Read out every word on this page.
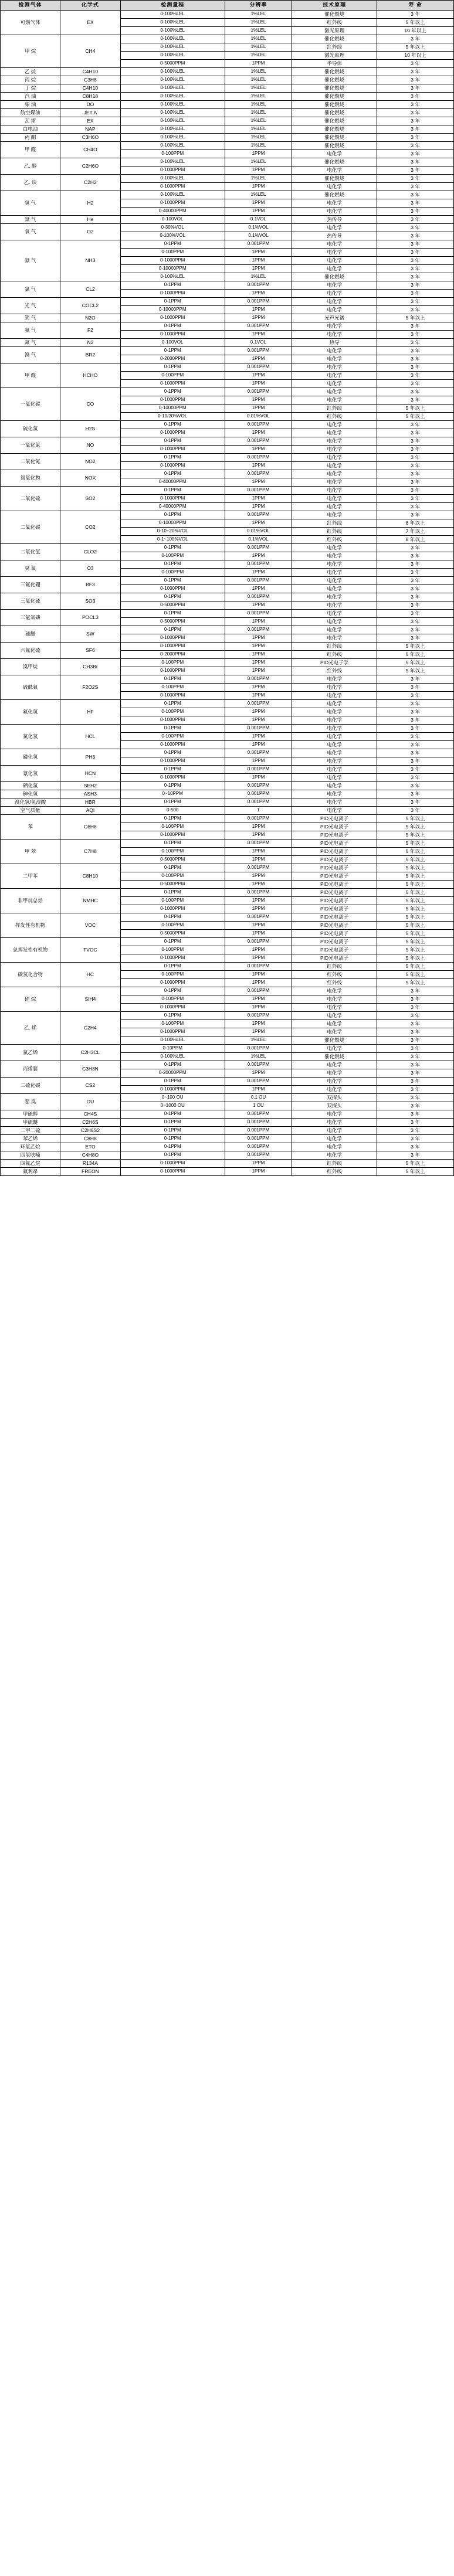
检测气体	化学式	检测量程	分辨率	技术原理	寿 命
可燃气体	EX	0-100%LEL	1%LEL	催化燃烧	3 年
		0-100%LEL	1%LEL	红外线	5 年以上
		0-100%LEL	1%LEL	激光原理	10 年以上
甲 烷	CH4	0-100%LEL	1%LEL	催化燃烧	3 年
		0-100%LEL	1%LEL	红外线	5 年以上
		0-100%LEL	1%LEL	激光原理	10 年以上
		0-5000PPM	1PPM	半导体	3 年
乙 烷	C4H10	0-100%LEL	1%LEL	催化燃烧	3 年
丙 烷	C3H8	0-100%LEL	1%LEL	催化燃烧	3 年
丁 烷	C4H10	0-100%LEL	1%LEL	催化燃烧	3 年
汽 油	C8H18	0-100%LEL	1%LEL	催化燃烧	3 年
柴 油	DO	0-100%LEL	1%LEL	催化燃烧	3 年
航空煤油	JET A	0-100%LEL	1%LEL	催化燃烧	3 年
瓦 斯	EX	0-100%LEL	1%LEL	催化燃烧	3 年
白电油	NAP	0-100%LEL	1%LEL	催化燃烧	3 年
丙 酮	C3H6O	0-100%LEL	1%LEL	催化燃烧	3 年
甲 醛	CH4O	0-100%LEL	1%LEL	催化燃烧	3 年
		0-100PPM	1PPM	电化学	3 年
乙. 醇	C2H6O	0-100%LEL	1%LEL	催化燃烧	3 年
		0-1000PPM	1PPM	电化学	3 年
乙. 炔	C2H2	0-100%LEL	1%LEL	催化燃烧	3 年
		0-1000PPM	1PPM	电化学	3 年
氢 气	H2	0-100%LEL	1%LEL	催化燃烧	3 年
		0-1000PPM	1PPM	电化学	3 年
		0-40000PPM	1PPM	电化学	3 年
氦 气	He	0-100VOL	0.1VOL	热传导	3 年
氧 气	O2	0-30%VOL	0.1%VOL	电化学	3 年
		0-100%VOL	0.1%VOL	热传导	3 年
氨 气	NH3	0-1PPM	0.001PPM	电化学	3 年
		0-100PPM	1PPM	电化学	3 年
		0-1000PPM	1PPM	电化学	3 年
		0-10000PPM	1PPM	电化学	3 年
		0-100%LEL	1%LEL	催化燃烧	3 年
氯 气	CL2	0-1PPM	0.001PPM	电化学	3 年
		0-1000PPM	1PPM	电化学	3 年
光 气	COCL2	0-1PPM	0.001PPM	电化学	3 年
		0-10000PPM	1PPM	电化学	3 年
笑 气	N2O	0-1000PPM	1PPM	光声光谱	5 年以上
氟 气	F2	0-1PPM	0.001PPM	电化学	3 年
		0-1000PPM	1PPM	电化学	3 年
氮 气	N2	0-100VOL	0.1VOL	热导	3 年
溴 气	BR2	0-1PPM	0.001PPM	电化学	3 年
		0-2000PPM	1PPM	电化学	3 年
甲 醛	HCHO	0-1PPM	0.001PPM	电化学	3 年
		0-100PPM	1PPM	电化学	3 年
		0-1000PPM	1PPM	电化学	3 年
一氧化碳	CO	0-1PPM	0.001PPM	电化学	3 年
		0-1000PPM	1PPM	电化学	3 年
		0-10000PPM	1PPM	红外线	5 年以上
		0-10/20%VOL	0.01%VOL	红外线	5 年以上
硫化氢	H2S	0-1PPM	0.001PPM	电化学	3 年
		0-1000PPM	1PPM	电化学	3 年
一氧化氮	NO	0-1PPM	0.001PPM	电化学	3 年
		0-1000PPM	1PPM	电化学	3 年
二氧化氮	NO2	0-1PPM	0.001PPM	电化学	3 年
		0-1000PPM	1PPM	电化学	3 年
氮氧化物	NOX	0-1PPM	0.001PPM	电化学	3 年
		0-40000PPM	1PPM	电化学	3 年
二氧化硫	SO2	0-1PPM	0.001PPM	电化学	3 年
		0-1000PPM	1PPM	电化学	3 年
		0-40000PPM	1PPM	电化学	3 年
二氧化碳	CO2	0-1PPM	0.001PPM	电化学	3 年
		0-10000PPM	1PPM	红外线	6 年以上
		0-10~20%VOL	0.01%VOL	红外线	7 年以上
		0-1~100%VOL	0.1%VOL	红外线	8 年以上
二氧化氯	CLO2	0-1PPM	0.001PPM	电化学	3 年
		0-100PPM	1PPM	电化学	3 年
臭 氧	O3	0-1PPM	0.001PPM	电化学	3 年
		0-100PPM	1PPM	电化学	3 年
三氟化硼	BF3	0-1PPM	0.001PPM	电化学	3 年
		0-1000PPM	1PPM	电化学	3 年
三氧化硫	SO3	0-1PPM	0.001PPM	电化学	3 年
		0-5000PPM	1PPM	电化学	3 年
三氯氧磷	POCL3	0-1PPM	0.001PPM	电化学	3 年
		0-5000PPM	1PPM	电化学	3 年
硫醚	SW	0-1PPM	0.001PPM	电化学	3 年
		0-1000PPM	1PPM	电化学	3 年
六氟化硫	SF6	0-1000PPM	1PPM	红外线	5 年以上
		0-2000PPM	1PPM	红外线	5 年以上
溴甲烷	CH3Br	0-100PPM	1PPM	PID光电子学	5 年以上
		0-1000PPM	1PPM	红外线	5 年以上
硫酰氟	F2O2S	0-1PPM	0.001PPM	电化学	3 年
		0-100PPM	1PPM	电化学	3 年
		0-1000PPM	1PPM	电化学	3 年
氟化氢	HF	0-1PPM	0.001PPM	电化学	3 年
		0-100PPM	1PPM	电化学	3 年
		0-1000PPM	1PPM	电化学	3 年
氯化氢	HCL	0-1PPM	0.001PPM	电化学	3 年
		0-100PPM	1PPM	电化学	3 年
		0-1000PPM	1PPM	电化学	3 年
磷化氢	PH3	0-1PPM	0.001PPM	电化学	3 年
		0-1000PPM	1PPM	电化学	3 年
氰化氢	HCN	0-1PPM	0.001PPM	电化学	3 年
		0-1000PPM	1PPM	电化学	3 年
硒化氢	SEH2	0-1PPM	0.001PPM	电化学	3 年
砷化氢	ASH3	0~10PPM	0.001PPM	电化学	3 年
溴化氢/氢溴酸	HBR	0-1PPM	0.001PPM	电化学	3 年
空气质量	AQI	0-500	1	电化学	3 年
苯	C6H6	0-1PPM	0.001PPM	PID光电离子	5 年以上
		0-100PPM	1PPM	PID光电离子	5 年以上
		0-1000PPM	1PPM	PID光电离子	5 年以上
甲 苯	C7H8	0-1PPM	0.001PPM	PID光电离子	5 年以上
		0-100PPM	1PPM	PID光电离子	5 年以上
		0-5000PPM	1PPM	PID光电离子	5 年以上
二甲苯	C8H10	0-1PPM	0.001PPM	PID光电离子	5 年以上
		0-100PPM	1PPM	PID光电离子	5 年以上
		0-5000PPM	1PPM	PID光电离子	5 年以上
非甲烷总烃	NMHC	0-1PPM	0.001PPM	PID光电离子	5 年以上
		0-100PPM	1PPM	PID光电离子	5 年以上
		0-1000PPM	1PPM	PID光电离子	5 年以上
挥发性有机物	VOC	0-1PPM	0.001PPM	PID光电离子	5 年以上
		0-100PPM	1PPM	PID光电离子	5 年以上
		0-5000PPM	1PPM	PID光电离子	5 年以上
总挥发性有机物	TVOC	0-1PPM	0.001PPM	PID光电离子	5 年以上
		0-100PPM	1PPM	PID光电离子	5 年以上
		0-1000PPM	1PPM	PID光电离子	5 年以上
碳氢化合物	HC	0-1PPM	0.001PPM	红外线	5 年以上
		0-100PPM	1PPM	红外线	5 年以上
		0-1000PPM	1PPM	红外线	5 年以上
硅 烷	SIH4	0-1PPM	0.001PPM	电化学	3 年
		0-100PPM	1PPM	电化学	3 年
		0-1000PPM	1PPM	电化学	3 年
乙. 烯	C2H4	0-1PPM	0.001PPM	电化学	3 年
		0-100PPM	1PPM	电化学	3 年
		0-1000PPM	1PPM	电化学	3 年
		0-100%LEL	1%LEL	催化燃烧	3 年
氯乙烯	C2H3CL	0-10PPM	0.001PPM	电化学	3 年
		0-100%LEL	1%LEL	催化燃烧	3 年
丙烯腈	C3H3N	0-1PPM	0.001PPM	电化学	3 年
		0-20000PPM	1PPM	电化学	3 年
二硫化碳	CS2	0-1PPM	0.001PPM	电化学	3 年
		0-1000PPM	1PPM	电化学	3 年
恶 臭	OU	0~100 OU	0.1 OU	双探头	3 年
		0~1000 OU	1 OU	双探头	3 年
甲硫醇	CH4S	0-1PPM	0.001PPM	电化学	3 年
甲硫醚	C2H6S	0-1PPM	0.001PPM	电化学	3 年
二甲二硫	C2H6S2	0-1PPM	0.001PPM	电化学	3 年
苯乙烯	C8H8	0-1PPM	0.001PPM	电化学	3 年
环氧乙烷	ETO	0-1PPM	0.001PPM	电化学	3 年
四氢呋喃	C4H8O	0-1PPM	0.001PPM	电化学	3 年
四氟乙烷	R134A	0-1000PPM	1PPM	红外线	5 年以上
氟利昂	FREON	0-1000PPM	1PPM	红外线	5 年以上
